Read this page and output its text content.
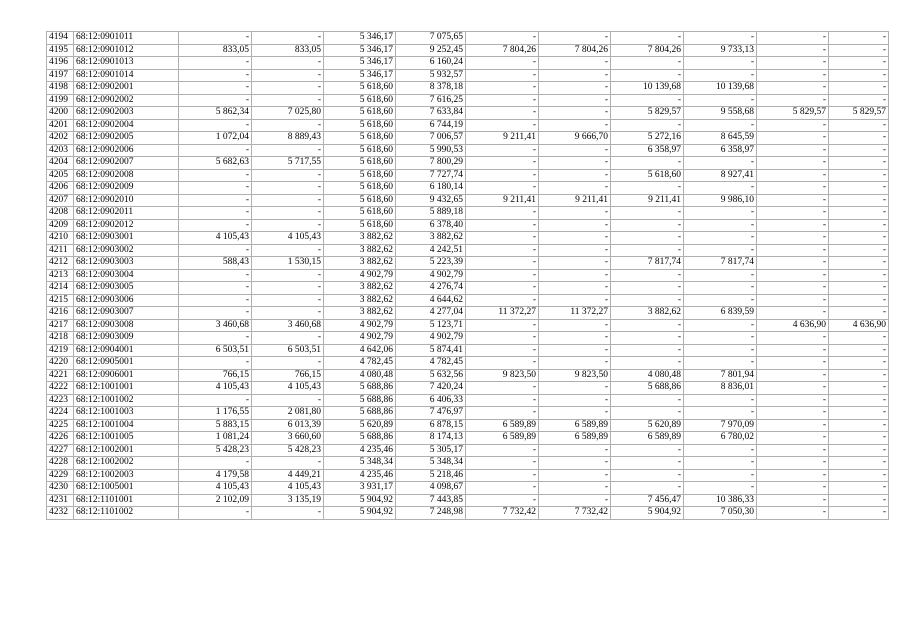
4194	68:12:0901011	-	-	5 346,17	7 075,65	-	-	-	-	-	-
4195	68:12:0901012	833,05	833,05	5 346,17	9 252,45	7 804,26	7 804,26	7 804,26	9 733,13	-	-
4196	68:12:0901013	-	-	5 346,17	6 160,24	-	-	-	-	-	-
4197	68:12:0901014	-	-	5 346,17	5 932,57	-	-	-	-	-	-
4198	68:12:0902001	-	-	5 618,60	8 378,18	-	-	10 139,68	10 139,68	-	-
4199	68:12:0902002	-	-	5 618,60	7 616,25	-	-	-	-	-	-
4200	68:12:0902003	5 862,34	7 025,80	5 618,60	7 633,84	-	-	5 829,57	9 558,68	5 829,57	5 829,57
4201	68:12:0902004	-	-	5 618,60	6 744,19	-	-	-	-	-	-
4202	68:12:0902005	1 072,04	8 889,43	5 618,60	7 006,57	9 211,41	9 666,70	5 272,16	8 645,59	-	-
4203	68:12:0902006	-	-	5 618,60	5 990,53	-	-	6 358,97	6 358,97	-	-
4204	68:12:0902007	5 682,63	5 717,55	5 618,60	7 800,29	-	-	-	-	-	-
4205	68:12:0902008	-	-	5 618,60	7 727,74	-	-	5 618,60	8 927,41	-	-
4206	68:12:0902009	-	-	5 618,60	6 180,14	-	-	-	-	-	-
4207	68:12:0902010	-	-	5 618,60	9 432,65	9 211,41	9 211,41	9 211,41	9 986,10	-	-
4208	68:12:0902011	-	-	5 618,60	5 889,18	-	-	-	-	-	-
4209	68:12:0902012	-	-	5 618,60	6 378,40	-	-	-	-	-	-
4210	68:12:0903001	4 105,43	4 105,43	3 882,62	3 882,62	-	-	-	-	-	-
4211	68:12:0903002	-	-	3 882,62	4 242,51	-	-	-	-	-	-
4212	68:12:0903003	588,43	1 530,15	3 882,62	5 223,39	-	-	7 817,74	7 817,74	-	-
4213	68:12:0903004	-	-	4 902,79	4 902,79	-	-	-	-	-	-
4214	68:12:0903005	-	-	3 882,62	4 276,74	-	-	-	-	-	-
4215	68:12:0903006	-	-	3 882,62	4 644,62	-	-	-	-	-	-
4216	68:12:0903007	-	-	3 882,62	4 277,04	11 372,27	11 372,27	3 882,62	6 839,59	-	-
4217	68:12:0903008	3 460,68	3 460,68	4 902,79	5 123,71	-	-	-	-	4 636,90	4 636,90
4218	68:12:0903009	-	-	4 902,79	4 902,79	-	-	-	-	-	-
4219	68:12:0904001	6 503,51	6 503,51	4 642,06	5 874,41	-	-	-	-	-	-
4220	68:12:0905001	-	-	4 782,45	4 782,45	-	-	-	-	-	-
4221	68:12:0906001	766,15	766,15	4 080,48	5 632,56	9 823,50	9 823,50	4 080,48	7 801,94	-	-
4222	68:12:1001001	4 105,43	4 105,43	5 688,86	7 420,24	-	-	5 688,86	8 836,01	-	-
4223	68:12:1001002	-	-	5 688,86	6 406,33	-	-	-	-	-	-
4224	68:12:1001003	1 176,55	2 081,80	5 688,86	7 476,97	-	-	-	-	-	-
4225	68:12:1001004	5 883,15	6 013,39	5 620,89	6 878,15	6 589,89	6 589,89	5 620,89	7 970,09	-	-
4226	68:12:1001005	1 081,24	3 660,60	5 688,86	8 174,13	6 589,89	6 589,89	6 589,89	6 780,02	-	-
4227	68:12:1002001	5 428,23	5 428,23	4 235,46	5 305,17	-	-	-	-	-	-
4228	68:12:1002002	-	-	5 348,34	5 348,34	-	-	-	-	-	-
4229	68:12:1002003	4 179,58	4 449,21	4 235,46	5 218,46	-	-	-	-	-	-
4230	68:12:1005001	4 105,43	4 105,43	3 931,17	4 098,67	-	-	-	-	-	-
4231	68:12:1101001	2 102,09	3 135,19	5 904,92	7 443,85	-	-	7 456,47	10 386,33	-	-
4232	68:12:1101002	-	-	5 904,92	7 248,98	7 732,42	7 732,42	5 904,92	7 050,30	-	-
